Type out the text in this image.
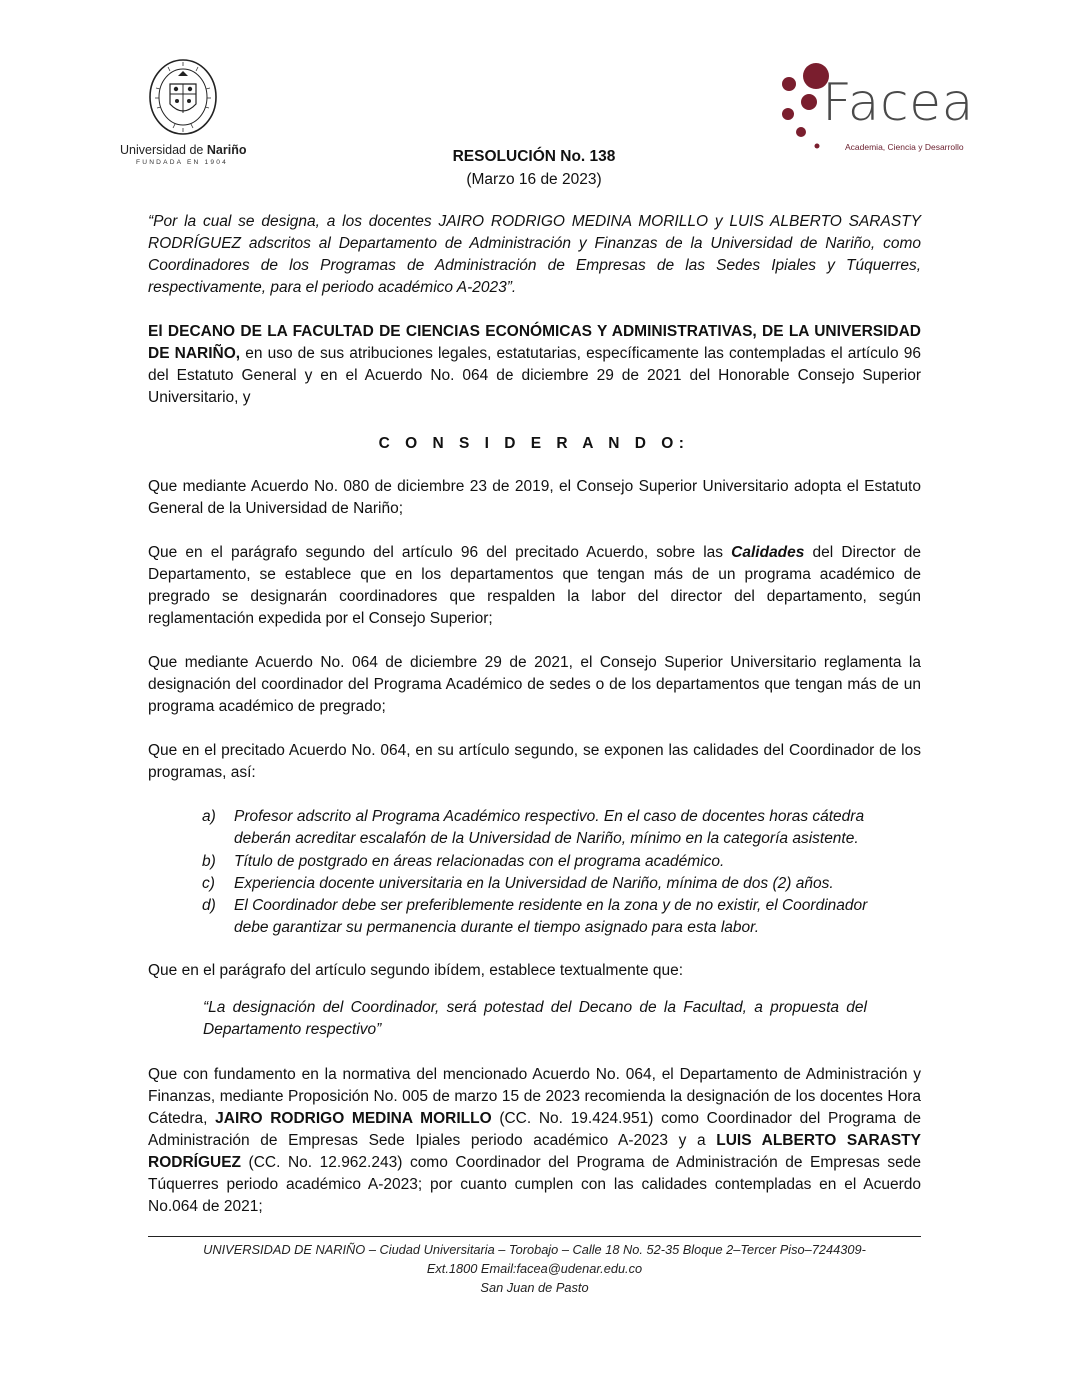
Universidad de Nariño
FUNDADA EN 1904
Facea
Academia, Ciencia y Desarrollo
RESOLUCIÓN No. 138
(Marzo 16 de 2023)
“Por la cual se designa, a los docentes JAIRO RODRIGO MEDINA MORILLO y LUIS ALBERTO SARASTY RODRÍGUEZ adscritos al Departamento de Administración y Finanzas de la Universidad de Nariño, como Coordinadores de los Programas de Administración de Empresas de las Sedes Ipiales y Túquerres, respectivamente, para el periodo académico A-2023”.
El DECANO DE LA FACULTAD DE CIENCIAS ECONÓMICAS Y ADMINISTRATIVAS, DE LA UNIVERSIDAD DE NARIÑO, en uso de sus atribuciones legales, estatutarias, específicamente las contempladas el artículo 96 del Estatuto General y en el Acuerdo No. 064 de diciembre 29 de 2021 del Honorable Consejo Superior Universitario, y
C O N S I D E R A N D O:
Que mediante Acuerdo No. 080 de diciembre 23 de 2019, el Consejo Superior Universitario adopta el Estatuto General de la Universidad de Nariño;
Que en el parágrafo segundo del artículo 96 del precitado Acuerdo, sobre las Calidades del Director de Departamento, se establece que en los departamentos que tengan más de un programa académico de pregrado se designarán coordinadores que respalden la labor del director del departamento, según reglamentación expedida por el Consejo Superior;
Que mediante Acuerdo No. 064 de diciembre 29 de 2021, el Consejo Superior Universitario reglamenta la designación del coordinador del Programa Académico de sedes o de los departamentos que tengan más de un programa académico de pregrado;
Que en el precitado Acuerdo No. 064, en su artículo segundo, se exponen las calidades del Coordinador de los programas, así:
a) Profesor adscrito al Programa Académico respectivo. En el caso de docentes horas cátedra deberán acreditar escalafón de la Universidad de Nariño, mínimo en la categoría asistente.
b) Título de postgrado en áreas relacionadas con el programa académico.
c) Experiencia docente universitaria en la Universidad de Nariño, mínima de dos (2) años.
d) El Coordinador debe ser preferiblemente residente en la zona y de no existir, el Coordinador debe garantizar su permanencia durante el tiempo asignado para esta labor.
Que en el parágrafo del artículo segundo ibídem, establece textualmente que:
“La designación del Coordinador, será potestad del Decano de la Facultad, a propuesta del Departamento respectivo”
Que con fundamento en la normativa del mencionado Acuerdo No. 064, el Departamento de Administración y Finanzas, mediante Proposición No. 005 de marzo 15 de 2023 recomienda la designación de los docentes Hora Cátedra, JAIRO RODRIGO MEDINA MORILLO (CC. No. 19.424.951) como Coordinador del Programa de Administración de Empresas Sede Ipiales periodo académico A-2023 y a LUIS ALBERTO SARASTY RODRÍGUEZ (CC. No. 12.962.243) como Coordinador del Programa de Administración de Empresas sede Túquerres periodo académico A-2023; por cuanto cumplen con las calidades contempladas en el Acuerdo No.064 de 2021;
UNIVERSIDAD DE NARIÑO – Ciudad Universitaria – Torobajo – Calle 18 No. 52-35 Bloque 2–Tercer Piso–7244309-
Ext.1800 Email:facea@udenar.edu.co
San Juan de Pasto
